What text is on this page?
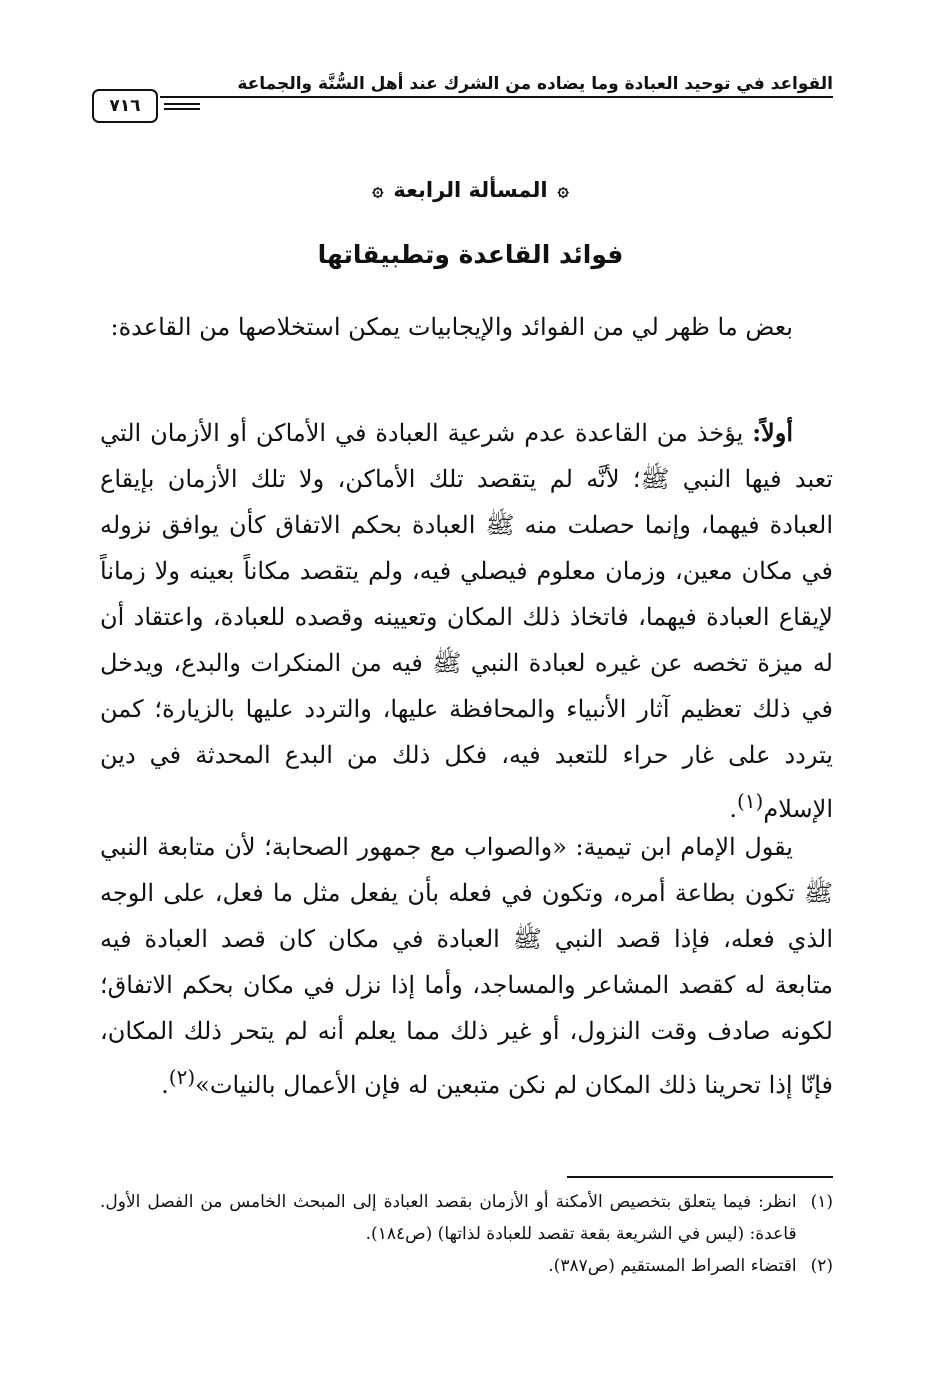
القواعد في توحيد العبادة وما يضاده من الشرك عند أهل السُّنَّة والجماعة
٧١٦
۞
المسألة الرابعة
۞
فوائد القاعدة وتطبيقاتها
بعض ما ظهر لي من الفوائد والإيجابيات يمكن استخلاصها من القاعدة:
أولاً: يؤخذ من القاعدة عدم شرعية العبادة في الأماكن أو الأزمان التي تعبد فيها النبي ﷺ؛ لأنَّه لم يتقصد تلك الأماكن، ولا تلك الأزمان بإيقاع العبادة فيهما، وإنما حصلت منه ﷺ العبادة بحكم الاتفاق كأن يوافق نزوله في مكان معين، وزمان معلوم فيصلي فيه، ولم يتقصد مكاناً بعينه ولا زماناً لإيقاع العبادة فيهما، فاتخاذ ذلك المكان وتعيينه وقصده للعبادة، واعتقاد أن له ميزة تخصه عن غيره لعبادة النبي ﷺ فيه من المنكرات والبدع، ويدخل في ذلك تعظيم آثار الأنبياء والمحافظة عليها، والتردد عليها بالزيارة؛ كمن يتردد على غار حراء للتعبد فيه، فكل ذلك من البدع المحدثة في دين الإسلام$^{(١)}$.
يقول الإمام ابن تيمية: «والصواب مع جمهور الصحابة؛ لأن متابعة النبي ﷺ تكون بطاعة أمره، وتكون في فعله بأن يفعل مثل ما فعل، على الوجه الذي فعله، فإذا قصد النبي ﷺ العبادة في مكان كان قصد العبادة فيه متابعة له كقصد المشاعر والمساجد، وأما إذا نزل في مكان بحكم الاتفاق؛ لكونه صادف وقت النزول، أو غير ذلك مما يعلم أنه لم يتحر ذلك المكان، فإنّا إذا تحرينا ذلك المكان لم نكن متبعين له فإن الأعمال بالنيات»$^{(٢)}$.
(١)
انظر: فيما يتعلق بتخصيص الأمكنة أو الأزمان بقصد العبادة إلى المبحث الخامس من الفصل الأول. قاعدة: (ليس في الشريعة بقعة تقصد للعبادة لذاتها) (ص١٨٤).
(٢)
اقتضاء الصراط المستقيم (ص٣٨٧).
